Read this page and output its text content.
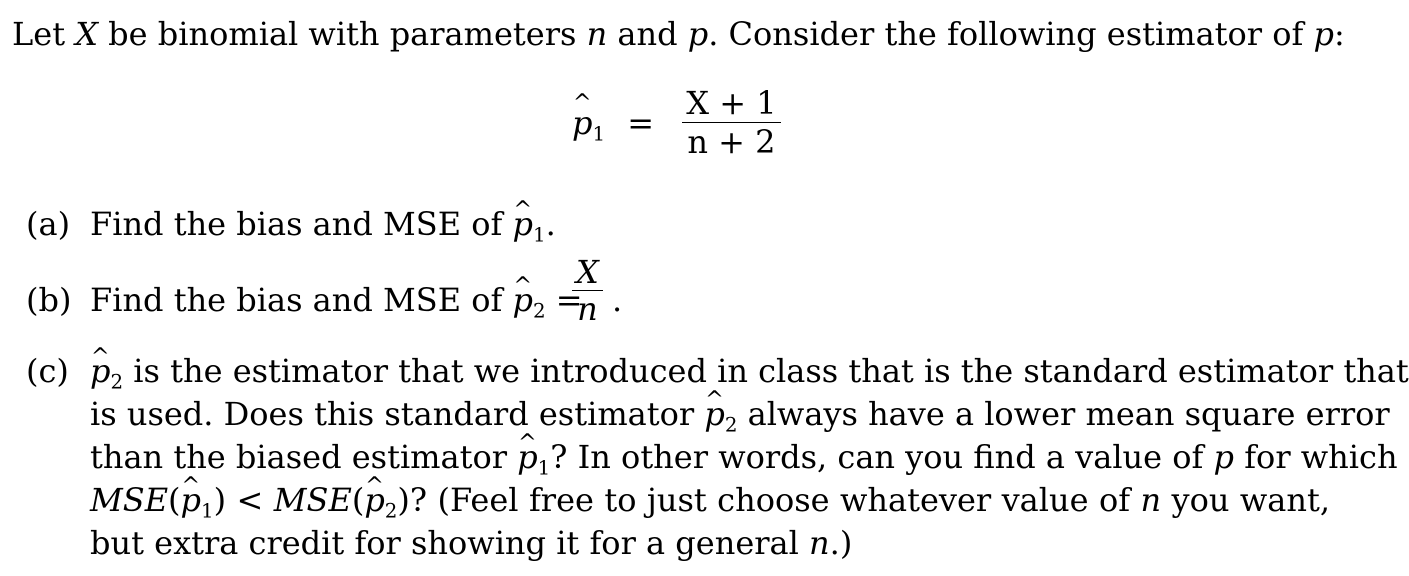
Let X be binomial with parameters n and p. Consider the following estimator of p:
^ $p_1 = \frac{X + 1}{n + 2}$
(a) Find the bias and MSE of ^ $p_1$.
(b) Find the bias and MSE of ^ $p_2$ =
X
n .
(c)
^ $p_2$ is the estimator that we introduced in class that is the standard estimator that
is used. Does this standard estimator ^ $p_2$ always have a lower mean square error
than the biased estimator ^ $p_1$? In other words, can you find a value of p for which
MSE(^ $p_1$) < MSE(^ $p_2$)? (Feel free to just choose whatever value of n you want,
but extra credit for showing it for a general n.)
